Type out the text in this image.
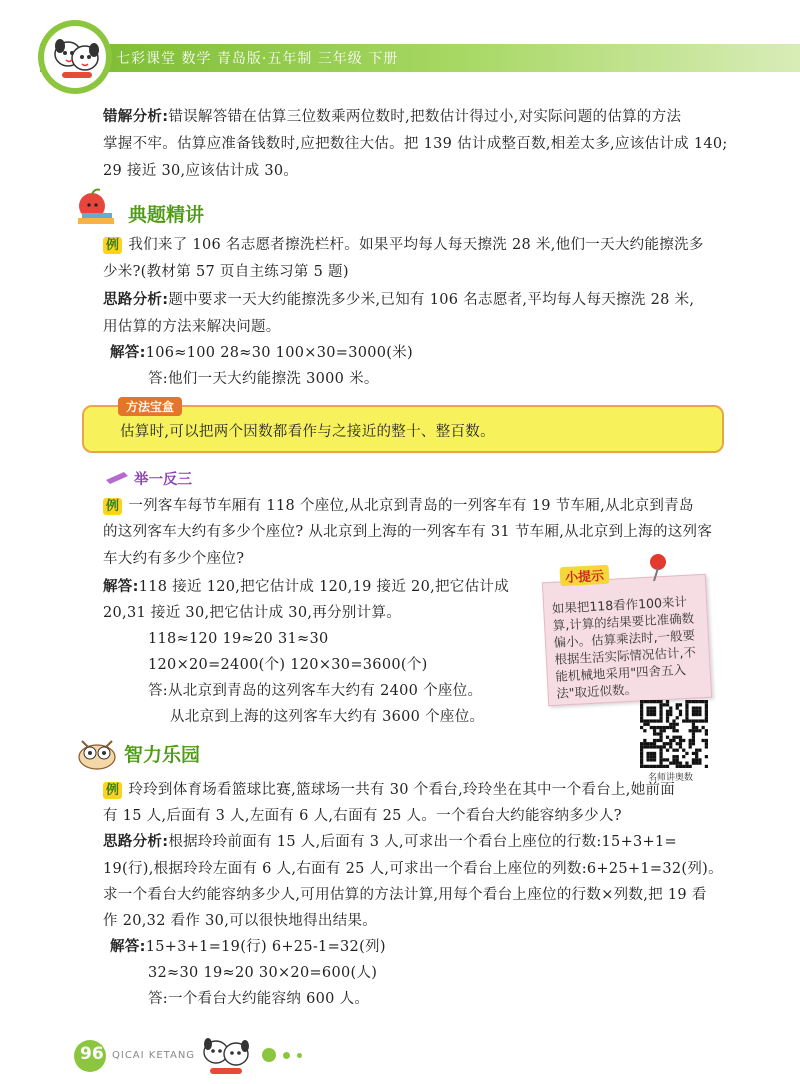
七彩课堂 数学 青岛版·五年制 三年级 下册
错解分析:错误解答错在估算三位数乘两位数时,把数估计得过小,对实际问题的估算的方法
掌握不牢。估算应准备钱数时,应把数往大估。把 139 估计成整百数,相差太多,应该估计成 140;
29 接近 30,应该估计成 30。
典题精讲
例 我们来了 106 名志愿者擦洗栏杆。如果平均每人每天擦洗 28 米,他们一天大约能擦洗多
少米?(教材第 57 页自主练习第 5 题)
思路分析:题中要求一天大约能擦洗多少米,已知有 106 名志愿者,平均每人每天擦洗 28 米,
用估算的方法来解决问题。
解答:106≈100 28≈30 100×30=3000(米)
答:他们一天大约能擦洗 3000 米。
方法宝盒
估算时,可以把两个因数都看作与之接近的整十、整百数。
举一反三
例 一列客车每节车厢有 118 个座位,从北京到青岛的一列客车有 19 节车厢,从北京到青岛
的这列客车大约有多少个座位? 从北京到上海的一列客车有 31 节车厢,从北京到上海的这列客
车大约有多少个座位?
解答:118 接近 120,把它估计成 120,19 接近 20,把它估计成
20,31 接近 30,把它估计成 30,再分别计算。
118≈120 19≈20 31≈30
120×20=2400(个) 120×30=3600(个)
答:从北京到青岛的这列客车大约有 2400 个座位。
从北京到上海的这列客车大约有 3600 个座位。
小提示
如果把118看作100来计算,计算的结果要比准确数偏小。估算乘法时,一般要根据生活实际情况估计,不能机械地采用"四舍五入法"取近似数。
名师讲奥数
智力乐园
例 玲玲到体育场看篮球比赛,篮球场一共有 30 个看台,玲玲坐在其中一个看台上,她前面
有 15 人,后面有 3 人,左面有 6 人,右面有 25 人。一个看台大约能容纳多少人?
思路分析:根据玲玲前面有 15 人,后面有 3 人,可求出一个看台上座位的行数:15+3+1=
19(行),根据玲玲左面有 6 人,右面有 25 人,可求出一个看台上座位的列数:6+25+1=32(列)。
求一个看台大约能容纳多少人,可用估算的方法计算,用每个看台上座位的行数×列数,把 19 看
作 20,32 看作 30,可以很快地得出结果。
解答:15+3+1=19(行) 6+25-1=32(列)
32≈30 19≈20 30×20=600(人)
答:一个看台大约能容纳 600 人。
96 QICAI KETANG
